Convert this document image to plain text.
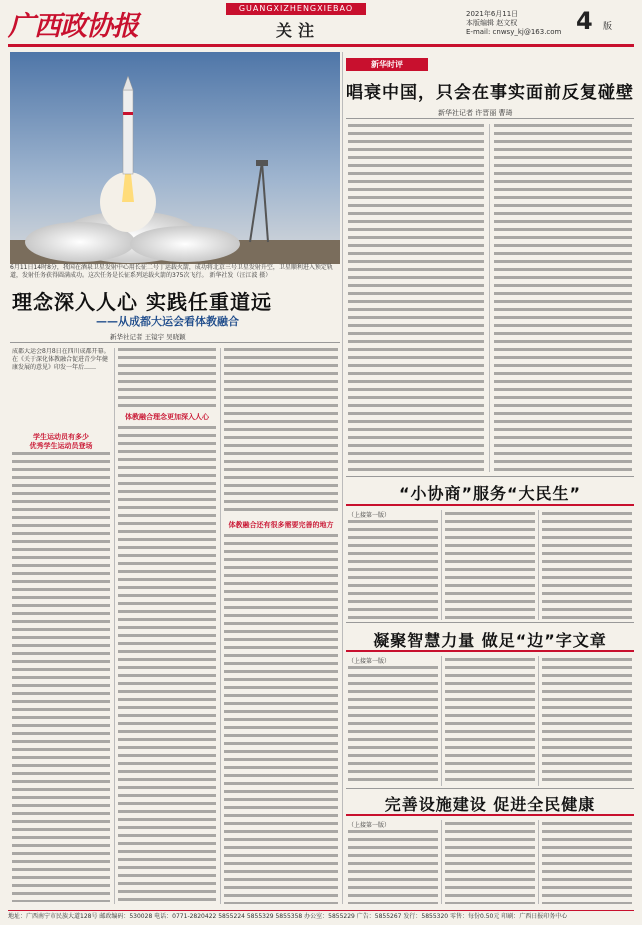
广西政协报
GUANGXIZHENGXIEBAO
关注
2021年6月11日
本版编辑 赵文权
E-mail: cnwsy_kj@163.com 4 版
6月11日14时8分，我国在酒泉卫星发射中心用长征二号丁运载火箭，成功将北京三号卫星发射升空，卫星顺利进入预定轨道，发射任务获得圆满成功。这次任务是长征系列运载火箭的375次飞行。 新华社发（汪江波 摄）
理念深入人心 实践任重道远
——从成都大运会看体教融合
新华社记者 王镜宇 吴晓颖
成都大运会8月8日在四川成都开幕。在《关于深化体教融合促进青少年健康发展的意见》印发一年后……
学生运动员有多少
优秀学生运动员登场
体教融合理念更加深入人心
体教融合还有很多需要完善的地方
新华时评
唱衰中国，只会在事实面前反复碰壁
新华社记者 许晋丽 曹琦
“小协商”服务“大民生”
（上接第一版）
凝聚智慧力量 做足“边”字文章
（上接第一版）
完善设施建设 促进全民健康
（上接第一版）
地址：广西南宁市民族大道128号 邮政编码：530028 电话：0771-2820422 5855224 5855329 5855358 办公室：5855229 广告：5855267 发行：5855320 零售：每份0.50元 印刷：广西日报印务中心
